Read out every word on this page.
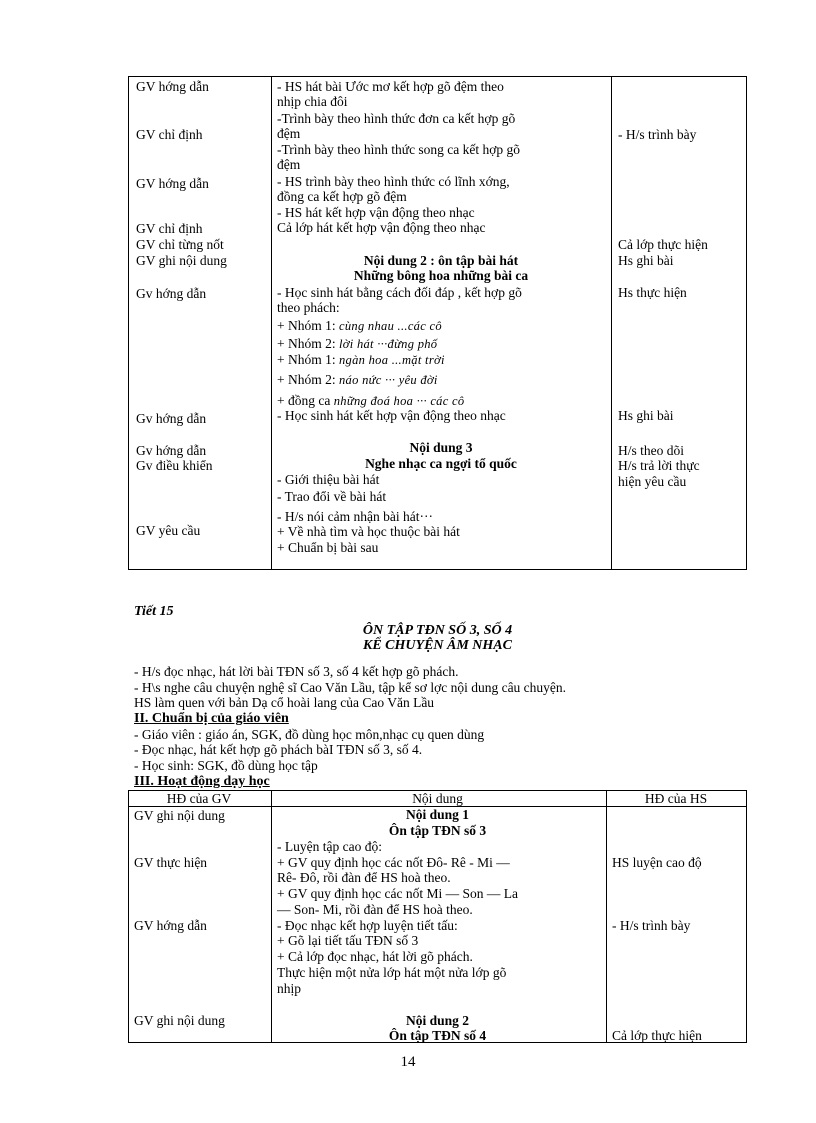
GV hớng dẫn
GV chỉ định
GV hớng dẫn
GV chỉ định
GV chỉ từng nốt
GV ghi nội dung
Gv hớng dẫn
Gv hớng dẫn
Gv hớng dẫn
Gv điều khiển
GV yêu cầu
- HS hát bài Ước mơ kết hợp gõ đệm theo
nhịp chia đôi
-Trình bày theo hình thức đơn ca kết hợp gõ
đệm
-Trình bày theo hình thức song ca kết hợp gõ
đệm
- HS trình bày theo hình thức có lĩnh xớng,
đồng ca kết hợp gõ đệm
- HS hát kết hợp vận động theo nhạc
Cả lớp hát kết hợp vận động theo nhạc
Nội dung 2 : ôn tập bài hát
Những bông hoa những bài ca
- Học sinh hát bằng cách đối đáp , kết hợp gõ
theo phách:
+ Nhóm 1: cùng nhau ...các cô
+ Nhóm 2: lời hát ···đừng phố
+ Nhóm 1: ngàn hoa ...mặt trời
+ Nhóm 2: náo nức ··· yêu đời
+ đồng ca những đoá hoa ··· các cô
- Học sinh hát kết hợp vận động theo nhạc
Nội dung 3
Nghe nhạc ca ngợi tổ quốc
- Giới thiệu bài hát
- Trao đổi về bài hát
- H/s nói cảm nhận bài hát···
+ Về nhà tìm và học thuộc bài hát
+ Chuẩn bị bài sau
- H/s trình bày
Cả lớp thực hiện
Hs ghi bài
Hs thực hiện
Hs ghi bài
H/s theo dõi
H/s trả lời thực
hiện yêu cầu
Tiết 15
ÔN TẬP TĐN SỐ 3, SỐ 4
KỂ CHUYỆN ÂM NHẠC
- H/s đọc nhạc, hát lời bài TĐN số 3, số 4 kết hợp gõ phách.
- H\s nghe câu chuyện nghệ sĩ Cao Văn Lầu, tập kể sơ lợc nội dung câu chuyện.
HS làm quen với bản Dạ cổ hoài lang của Cao Văn Lầu
II. Chuẩn bị của giáo viên
- Giáo viên : giáo án, SGK, đồ dùng học môn,nhạc cụ quen dùng
- Đọc nhạc, hát kết hợp gõ phách bàI TĐN số 3, số 4.
- Học sinh: SGK, đồ dùng học tập
III. Hoạt động dạy học
HĐ của GV	Nội dung	HĐ của HS
GV ghi nội dung
GV thực hiện
GV hớng dẫn
GV ghi nội dung
Nội dung 1
Ôn tập TĐN số 3
- Luyện tập cao độ:
+ GV quy định học các nốt Đô- Rê - Mi —
Rê- Đô, rồi đàn để HS hoà theo.
+ GV quy định học các nốt Mi — Son — La
— Son- Mi, rồi đàn để HS hoà theo.
- Đọc nhạc kết hợp luyện tiết tấu:
+ Gõ lại tiết tấu TĐN số 3
+ Cả lớp đọc nhạc, hát lời gõ phách.
Thực hiện một nửa lớp hát một nửa lớp gõ
nhịp
Nội dung 2
Ôn tập TĐN số 4
HS luyện cao độ
- H/s trình bày
Cả lớp thực hiện
14
